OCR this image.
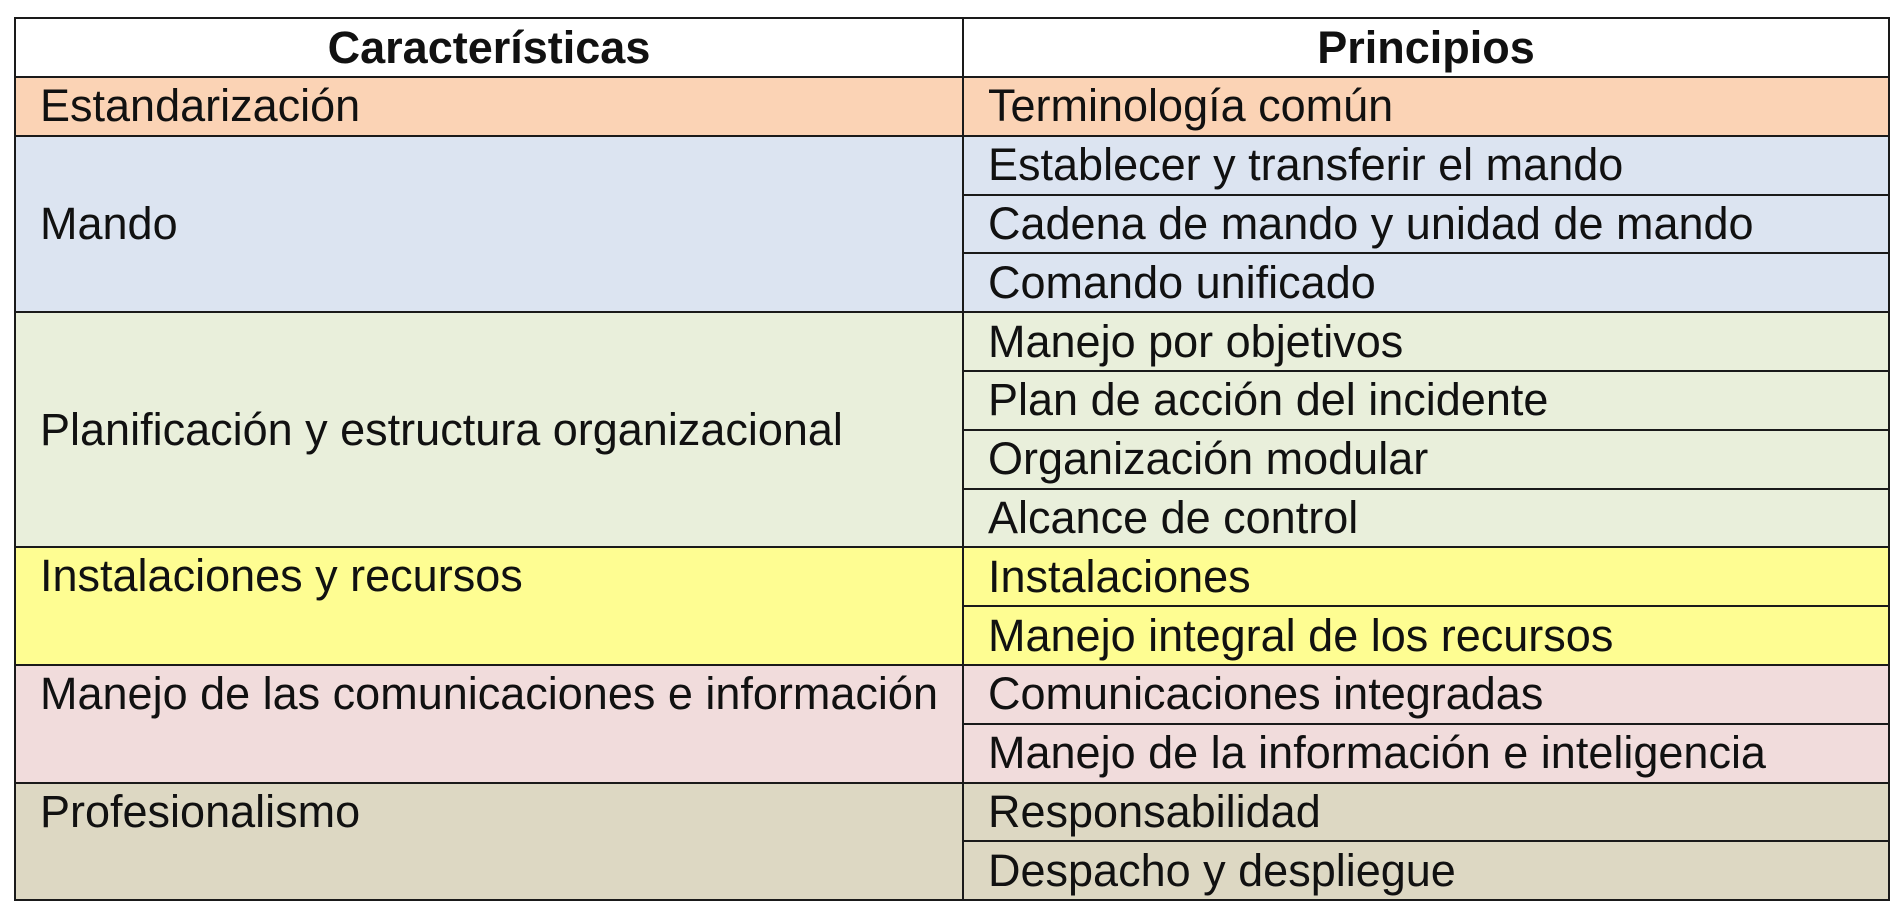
Características	Principios
Estandarización	Terminología común
Mando	Establecer y transferir el mando
	Cadena de mando y unidad de mando
	Comando unificado
Planificación y estructura organizacional	Manejo por objetivos
	Plan de acción del incidente
	Organización modular
	Alcance de control
Instalaciones y recursos	Instalaciones
	Manejo integral de los recursos
Manejo de las comunicaciones e información	Comunicaciones integradas
	Manejo de la información e inteligencia
Profesionalismo	Responsabilidad
	Despacho y despliegue
